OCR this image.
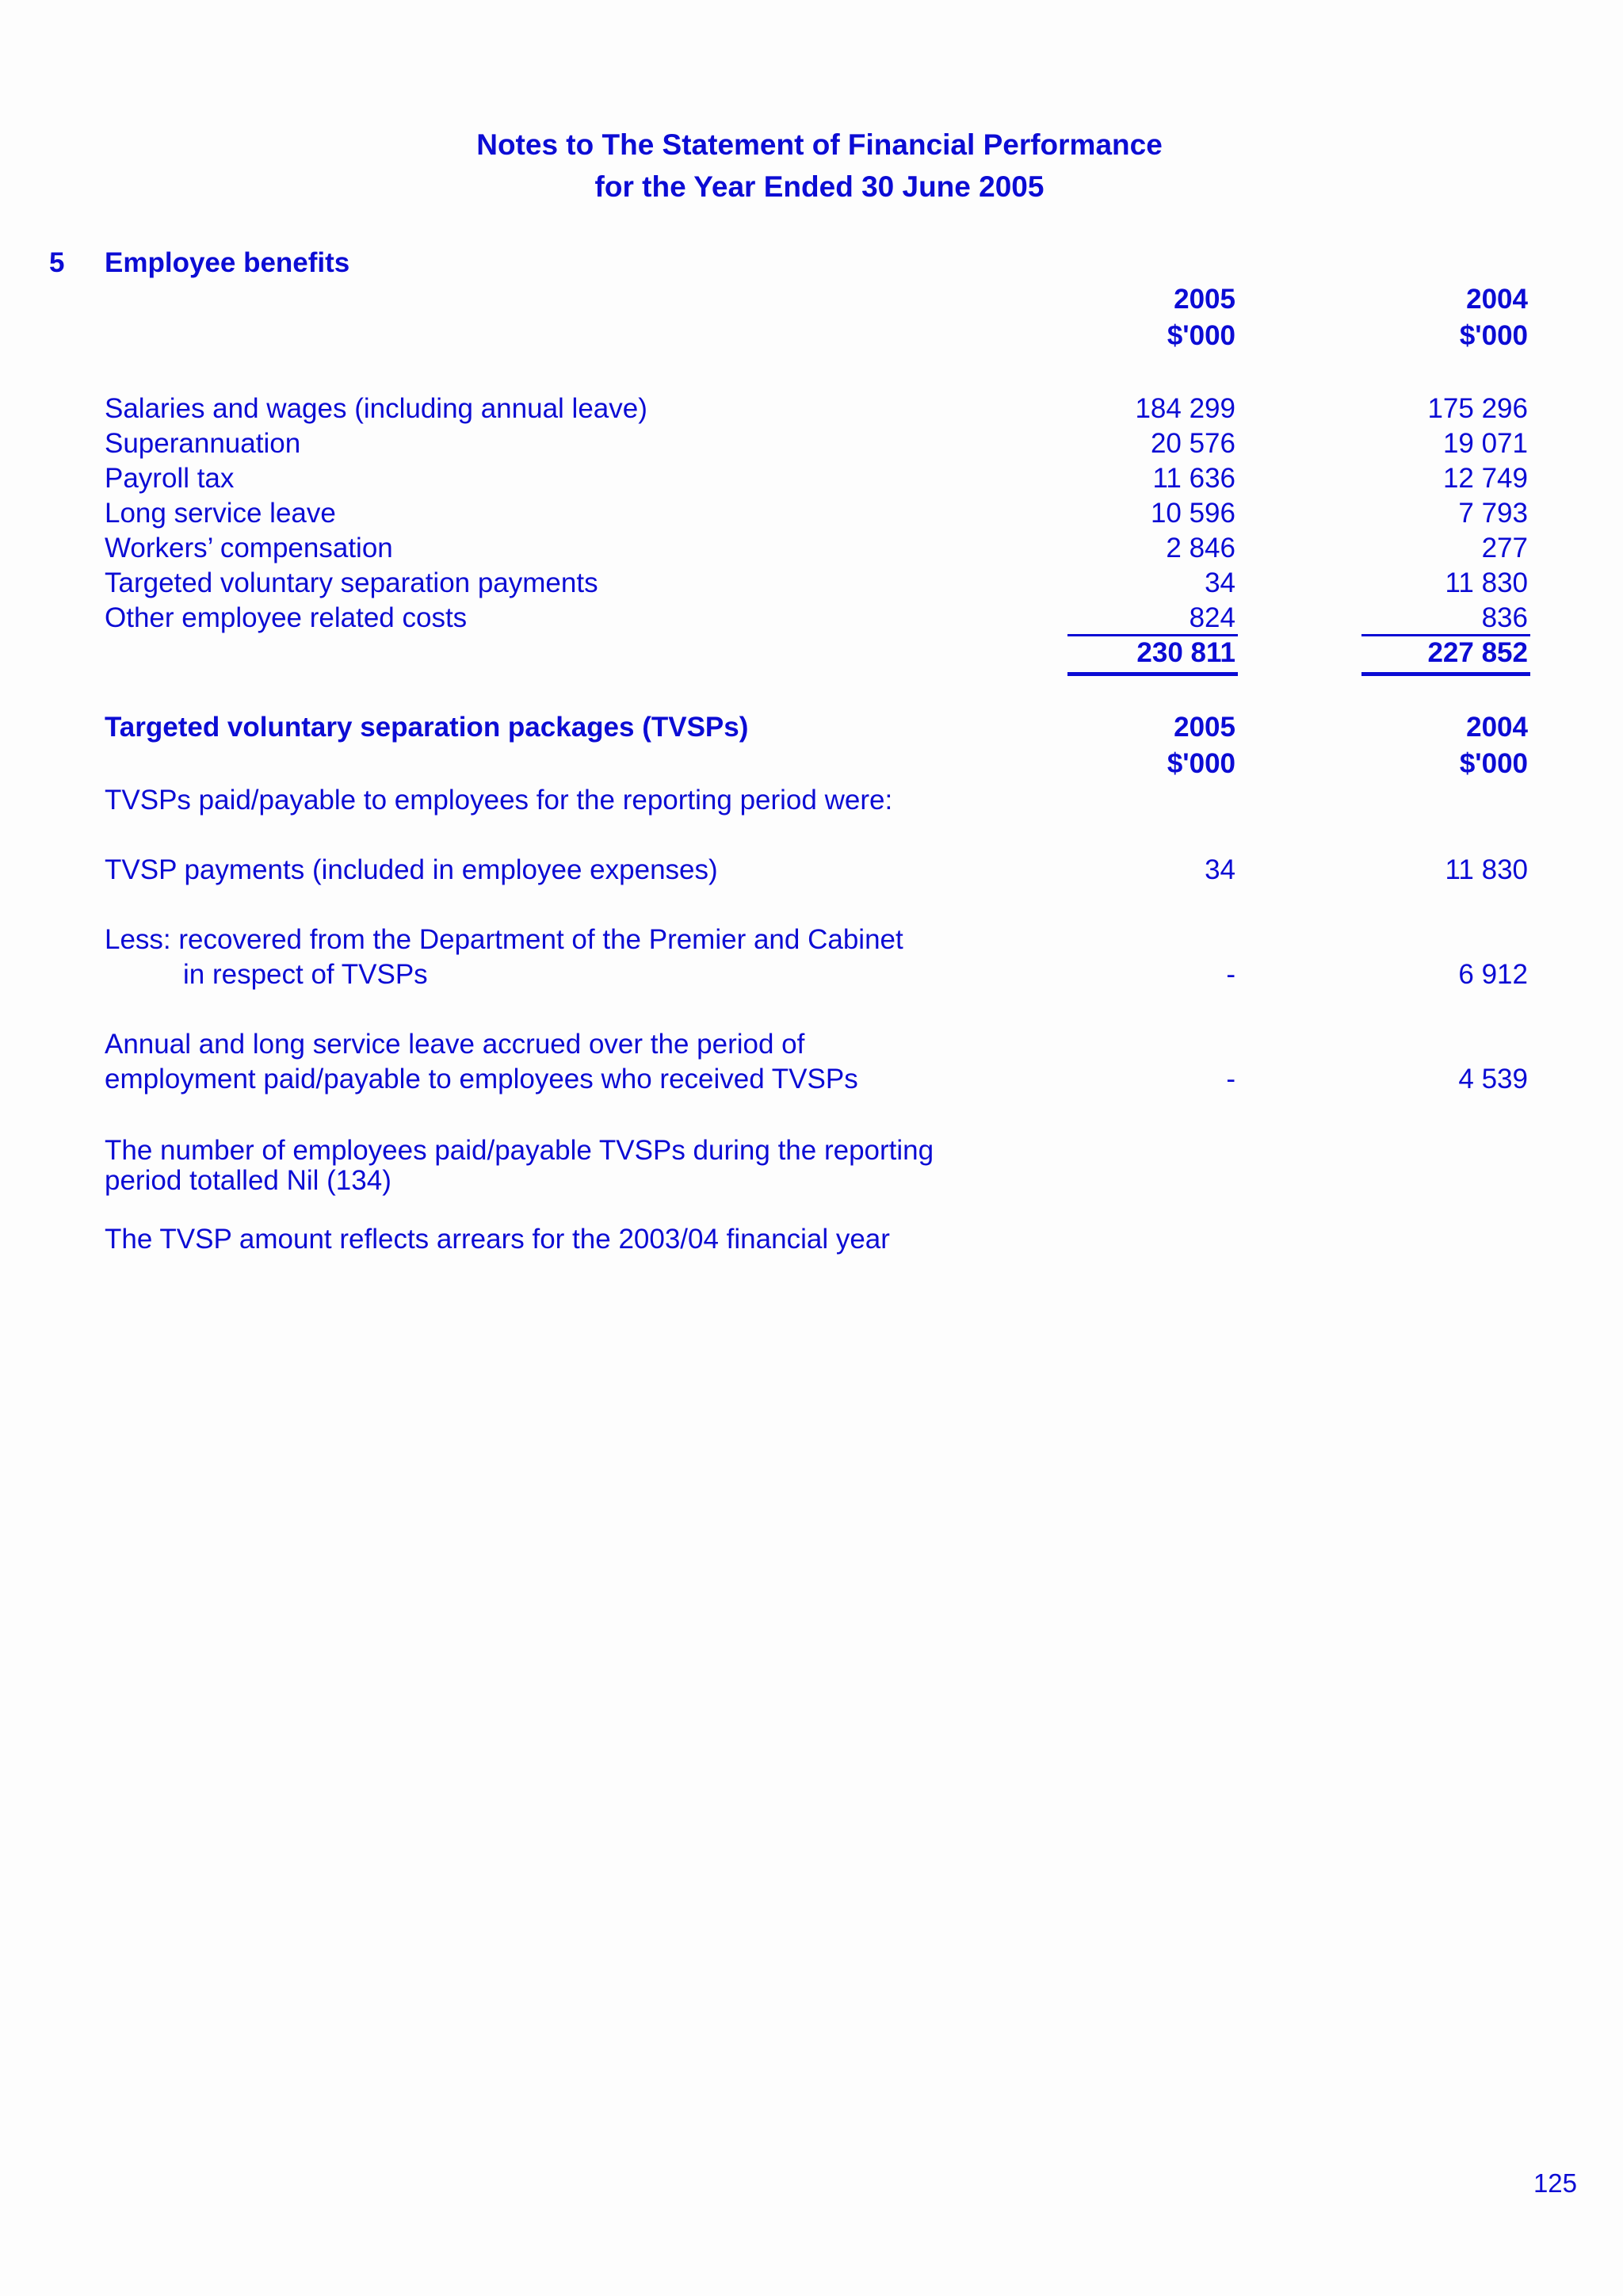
Notes to The Statement of Financial Performance
for the Year Ended 30 June 2005
5 Employee benefits
2005	2004
$'000	$'000
Salaries and wages (including annual leave)	184 299	175 296
Superannuation	20 576	19 071
Payroll tax	11 636	12 749
Long service leave	10 596	7 793
Workers’ compensation	2 846	277
Targeted voluntary separation payments	34	11 830
Other employee related costs	824	836
230 811	227 852
Targeted voluntary separation packages (TVSPs)	2005	2004
$'000	$'000
TVSPs paid/payable to employees for the reporting period were:
TVSP payments (included in employee expenses)	34	11 830
Less: recovered from the Department of the Premier and Cabinet
in respect of TVSPs	-	6 912
Annual and long service leave accrued over the period of
employment paid/payable to employees who received TVSPs	-	4 539
The number of employees paid/payable TVSPs during the reporting
period totalled Nil (134)
The TVSP amount reflects arrears for the 2003/04 financial year
125
